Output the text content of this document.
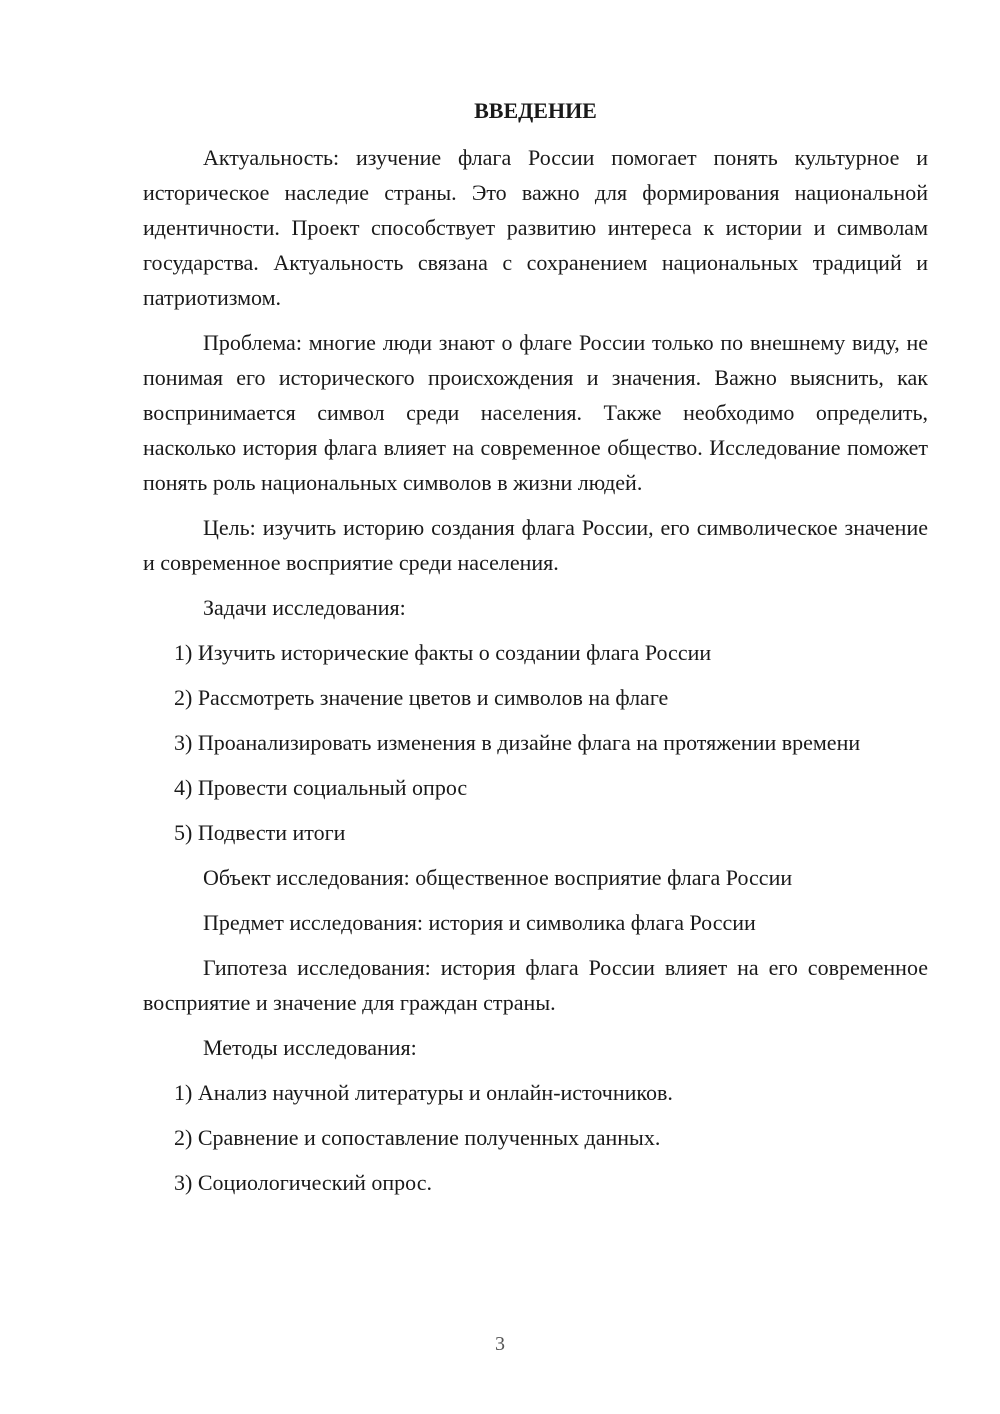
ВВЕДЕНИЕ

Актуальность: изучение флага России помогает понять культурное и историческое наследие страны. Это важно для формирования национальной идентичности. Проект способствует развитию интереса к истории и символам государства. Актуальность связана с сохранением национальных традиций и патриотизмом.

Проблема: многие люди знают о флаге России только по внешнему виду, не понимая его исторического происхождения и значения. Важно выяснить, как воспринимается символ среди населения. Также необходимо определить, насколько история флага влияет на современное общество. Исследование поможет понять роль национальных символов в жизни людей.

Цель: изучить историю создания флага России, его символическое значение и современное восприятие среди населения.

Задачи исследования:

1) Изучить исторические факты о создании флага России

2) Рассмотреть значение цветов и символов на флаге

3) Проанализировать изменения в дизайне флага на протяжении времени

4) Провести социальный опрос

5) Подвести итоги

Объект исследования: общественное восприятие флага России

Предмет исследования: история и символика флага России

Гипотеза исследования: история флага России влияет на его современное восприятие и значение для граждан страны.

Методы исследования:

1) Анализ научной литературы и онлайн-источников.

2) Сравнение и сопоставление полученных данных.

3) Социологический опрос.

3
